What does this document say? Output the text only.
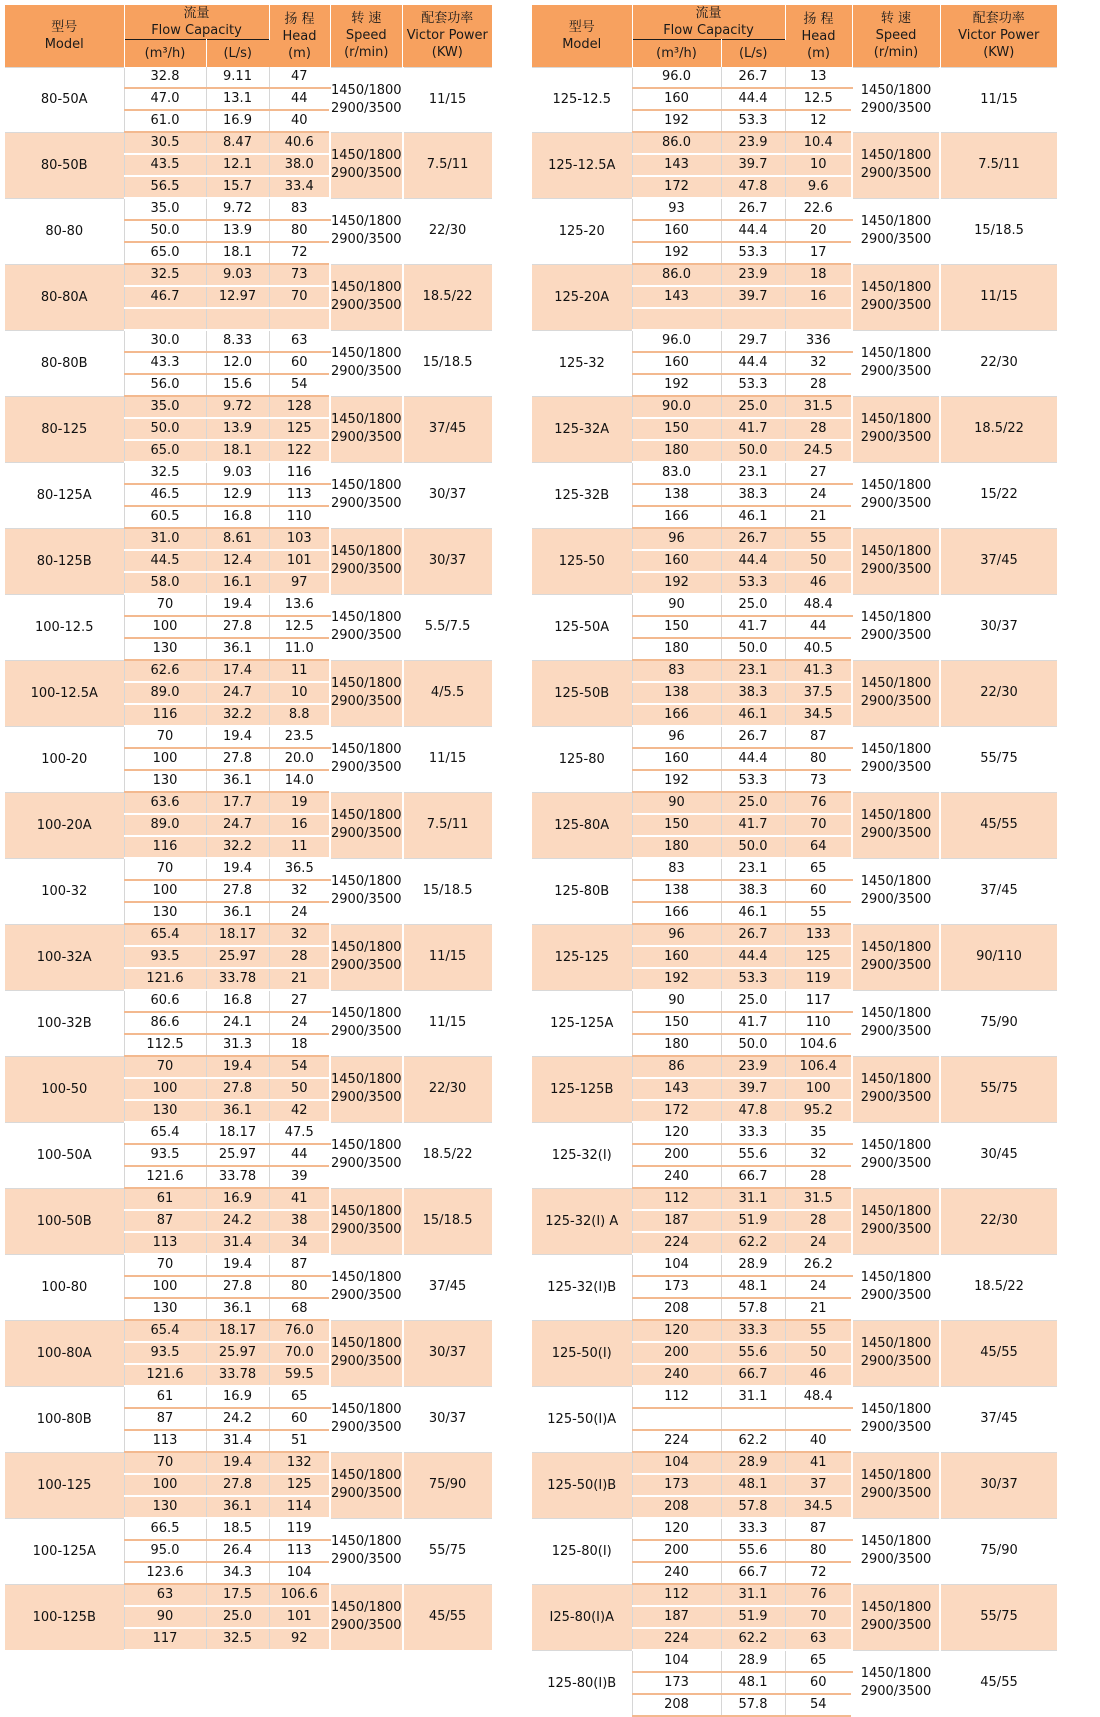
型号
Model	流量
Flow Capacity		扬 程
Head
(m)	转 速
Speed
(r/min)	配套功率
Victor Power
(KW)

	(m³/h)	(L/s)			
80-50A	32.8	9.11	47	1450/1800
2900/3500	11/15
	47.0	13.1	44		
	61.0	16.9	40		
80-50B	30.5	8.47	40.6	1450/1800
2900/3500	7.5/11
	43.5	12.1	38.0		
	56.5	15.7	33.4		
80-80	35.0	9.72	83	1450/1800
2900/3500	22/30
	50.0	13.9	80		
	65.0	18.1	72		
80-80A	32.5	9.03	73	1450/1800
2900/3500	18.5/22
	46.7	12.97	70		

80-80B	30.0	8.33	63	1450/1800
2900/3500	15/18.5
	43.3	12.0	60		
	56.0	15.6	54		
80-125	35.0	9.72	128	1450/1800
2900/3500	37/45
	50.0	13.9	125		
	65.0	18.1	122		
80-125A	32.5	9.03	116	1450/1800
2900/3500	30/37
	46.5	12.9	113		
	60.5	16.8	110		
80-125B	31.0	8.61	103	1450/1800
2900/3500	30/37
	44.5	12.4	101		
	58.0	16.1	97		
100-12.5	70	19.4	13.6	1450/1800
2900/3500	5.5/7.5
	100	27.8	12.5		
	130	36.1	11.0		
100-12.5A	62.6	17.4	11	1450/1800
2900/3500	4/5.5
	89.0	24.7	10		
	116	32.2	8.8		
100-20	70	19.4	23.5	1450/1800
2900/3500	11/15
	100	27.8	20.0		
	130	36.1	14.0		
100-20A	63.6	17.7	19	1450/1800
2900/3500	7.5/11
	89.0	24.7	16		
	116	32.2	11		
100-32	70	19.4	36.5	1450/1800
2900/3500	15/18.5
	100	27.8	32		
	130	36.1	24		
100-32A	65.4	18.17	32	1450/1800
2900/3500	11/15
	93.5	25.97	28		
	121.6	33.78	21		
100-32B	60.6	16.8	27	1450/1800
2900/3500	11/15
	86.6	24.1	24		
	112.5	31.3	18		
100-50	70	19.4	54	1450/1800
2900/3500	22/30
	100	27.8	50		
	130	36.1	42		
100-50A	65.4	18.17	47.5	1450/1800
2900/3500	18.5/22
	93.5	25.97	44		
	121.6	33.78	39		
100-50B	61	16.9	41	1450/1800
2900/3500	15/18.5
	87	24.2	38		
	113	31.4	34		
100-80	70	19.4	87	1450/1800
2900/3500	37/45
	100	27.8	80		
	130	36.1	68		
100-80A	65.4	18.17	76.0	1450/1800
2900/3500	30/37
	93.5	25.97	70.0		
	121.6	33.78	59.5		
100-80B	61	16.9	65	1450/1800
2900/3500	30/37
	87	24.2	60		
	113	31.4	51		
100-125	70	19.4	132	1450/1800
2900/3500	75/90
	100	27.8	125		
	130	36.1	114		
100-125A	66.5	18.5	119	1450/1800
2900/3500	55/75
	95.0	26.4	113		
	123.6	34.3	104		
100-125B	63	17.5	106.6	1450/1800
2900/3500	45/55
	90	25.0	101		
	117	32.5	92		
型号
Model	流量
Flow Capacity		扬 程
Head
(m)	转 速
Speed
(r/min)	配套功率
Victor Power
(KW)

	(m³/h)	(L/s)			
125-12.5	96.0	26.7	13	1450/1800
2900/3500	11/15
	160	44.4	12.5		
	192	53.3	12		
125-12.5A	86.0	23.9	10.4	1450/1800
2900/3500	7.5/11
	143	39.7	10		
	172	47.8	9.6		
125-20	93	26.7	22.6	1450/1800
2900/3500	15/18.5
	160	44.4	20		
	192	53.3	17		
125-20A	86.0	23.9	18	1450/1800
2900/3500	11/15
	143	39.7	16		

125-32	96.0	29.7	336	1450/1800
2900/3500	22/30
	160	44.4	32		
	192	53.3	28		
125-32A	90.0	25.0	31.5	1450/1800
2900/3500	18.5/22
	150	41.7	28		
	180	50.0	24.5		
125-32B	83.0	23.1	27	1450/1800
2900/3500	15/22
	138	38.3	24		
	166	46.1	21		
125-50	96	26.7	55	1450/1800
2900/3500	37/45
	160	44.4	50		
	192	53.3	46		
125-50A	90	25.0	48.4	1450/1800
2900/3500	30/37
	150	41.7	44		
	180	50.0	40.5		
125-50B	83	23.1	41.3	1450/1800
2900/3500	22/30
	138	38.3	37.5		
	166	46.1	34.5		
125-80	96	26.7	87	1450/1800
2900/3500	55/75
	160	44.4	80		
	192	53.3	73		
125-80A	90	25.0	76	1450/1800
2900/3500	45/55
	150	41.7	70		
	180	50.0	64		
125-80B	83	23.1	65	1450/1800
2900/3500	37/45
	138	38.3	60		
	166	46.1	55		
125-125	96	26.7	133	1450/1800
2900/3500	90/110
	160	44.4	125		
	192	53.3	119		
125-125A	90	25.0	117	1450/1800
2900/3500	75/90
	150	41.7	110		
	180	50.0	104.6		
125-125B	86	23.9	106.4	1450/1800
2900/3500	55/75
	143	39.7	100		
	172	47.8	95.2		
125-32(I)	120	33.3	35	1450/1800
2900/3500	30/45
	200	55.6	32		
	240	66.7	28		
125-32(I) A	112	31.1	31.5	1450/1800
2900/3500	22/30
	187	51.9	28		
	224	62.2	24		
125-32(I)B	104	28.9	26.2	1450/1800
2900/3500	18.5/22
	173	48.1	24		
	208	57.8	21		
125-50(I)	120	33.3	55	1450/1800
2900/3500	45/55
	200	55.6	50		
	240	66.7	46		
125-50(I)A	112	31.1	48.4	1450/1800
2900/3500	37/45

	224	62.2	40		
125-50(I)B	104	28.9	41	1450/1800
2900/3500	30/37
	173	48.1	37		
	208	57.8	34.5		
125-80(I)	120	33.3	87	1450/1800
2900/3500	75/90
	200	55.6	80		
	240	66.7	72		
I25-80(I)A	112	31.1	76	1450/1800
2900/3500	55/75
	187	51.9	70		
	224	62.2	63		
125-80(I)B	104	28.9	65	1450/1800
2900/3500	45/55
	173	48.1	60		
	208	57.8	54		
